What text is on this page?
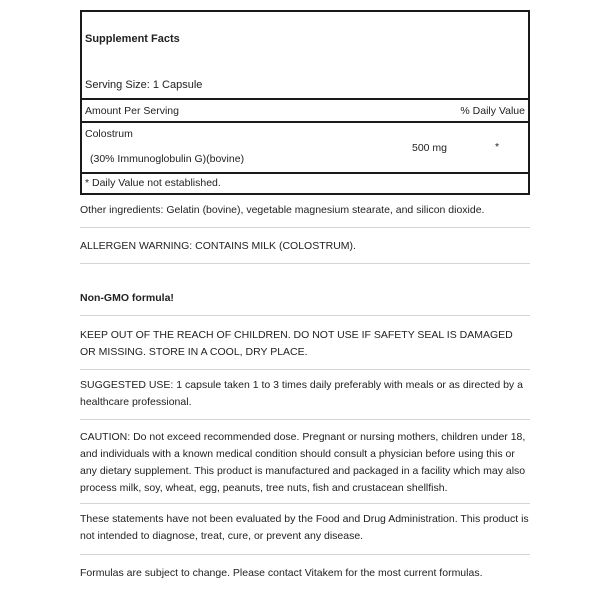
Supplement Facts
Serving Size: 1 Capsule
Amount Per Serving	% Daily Value
Colostrum
(30% Immunoglobulin G)(bovine)
500 mg	*
* Daily Value not established.
Other ingredients: Gelatin (bovine), vegetable magnesium stearate, and silicon dioxide.
ALLERGEN WARNING: CONTAINS MILK (COLOSTRUM).
Non-GMO formula!
KEEP OUT OF THE REACH OF CHILDREN. DO NOT USE IF SAFETY SEAL IS DAMAGED OR MISSING. STORE IN A COOL, DRY PLACE.
SUGGESTED USE: 1 capsule taken 1 to 3 times daily preferably with meals or as directed by a healthcare professional.
CAUTION: Do not exceed recommended dose. Pregnant or nursing mothers, children under 18, and individuals with a known medical condition should consult a physician before using this or any dietary supplement. This product is manufactured and packaged in a facility which may also process milk, soy, wheat, egg, peanuts, tree nuts, fish and crustacean shellfish.
These statements have not been evaluated by the Food and Drug Administration. This product is not intended to diagnose, treat, cure, or prevent any disease.
Formulas are subject to change. Please contact Vitakem for the most current formulas.
